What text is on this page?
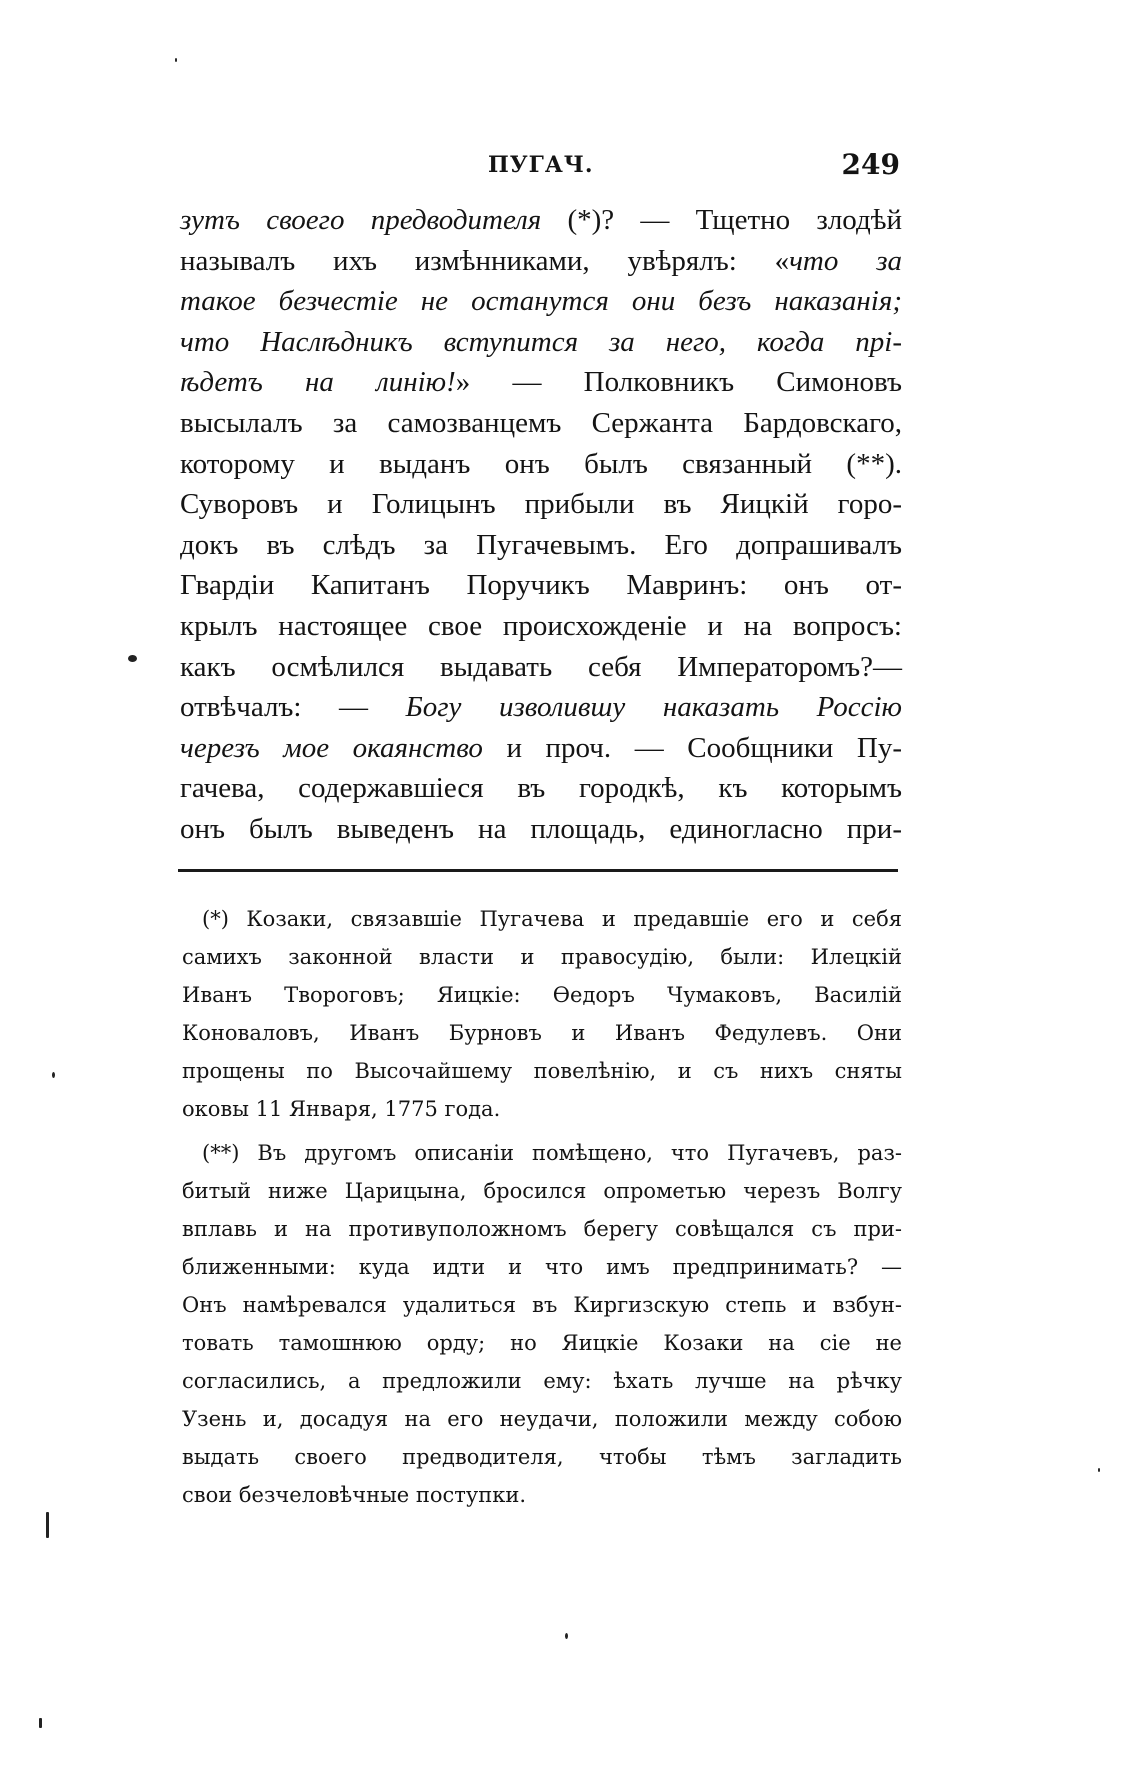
ПУГАЧ.	249
зутъ своего предводителя (*)? — Тщетно злодѣй
называлъ ихъ измѣнниками, увѣрялъ: «что за
такое безчестіе не останутся они безъ наказанія;
что Наслѣдникъ вступится за него, когда прі-
ѣдетъ на линію!» — Полковникъ Симоновъ
высылалъ за самозванцемъ Сержанта Бардовскаго,
которому и выданъ онъ былъ связанный (**).
Суворовъ и Голицынъ прибыли въ Яицкій горо-
докъ въ слѣдъ за Пугачевымъ. Его допрашивалъ
Гвардіи Капитанъ Поручикъ Мавринъ: онъ от-
крылъ настоящее свое происхожденіе и на вопросъ:
какъ осмѣлился выдавать себя Императоромъ?—
отвѣчалъ: — Богу изволившу наказать Россію
черезъ мое окаянство и проч. — Сообщники Пу-
гачева, содержавшіеся въ городкѣ, къ которымъ
онъ былъ выведенъ на площадь, единогласно при-
(*) Козаки, связавшіе Пугачева и предавшіе его и себя
самихъ законной власти и правосудію, были: Илецкій
Иванъ Твороговъ; Яицкіе: Ѳедоръ Чумаковъ, Василій
Коноваловъ, Иванъ Бурновъ и Иванъ Федулевъ. Они
прощены по Высочайшему повелѣнію, и съ нихъ сняты
оковы 11 Января, 1775 года.
(**) Въ другомъ описаніи помѣщено, что Пугачевъ, раз-
битый ниже Царицына, бросился опрометью черезъ Волгу
вплавь и на противуположномъ берегу совѣщался съ при-
ближенными: куда идти и что имъ предпринимать? —
Онъ намѣревался удалиться въ Киргизскую степь и взбун-
товать тамошнюю орду; но Яицкіе Козаки на сіе не
согласились, а предложили ему: ѣхать лучше на рѣчку
Узень и, досадуя на его неудачи, положили между собою
выдать своего предводителя, чтобы тѣмъ загладить
свои безчеловѣчные поступки.
